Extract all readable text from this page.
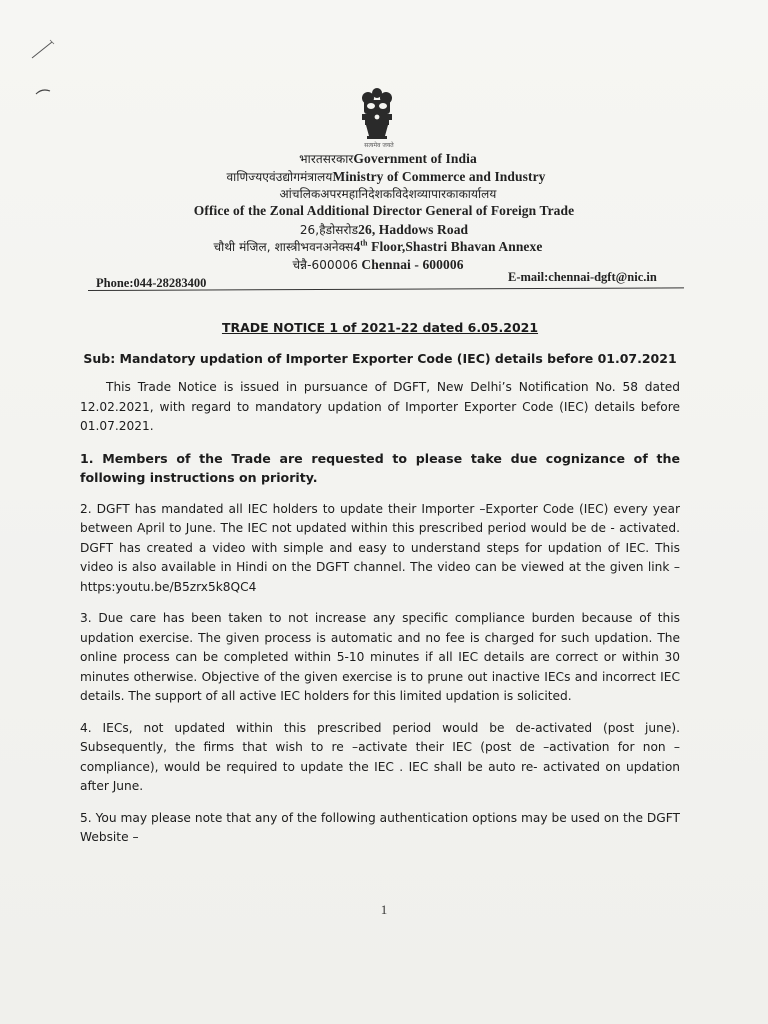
सत्यमेव जयते
भारतसरकारGovernment of India
वाणिज्यएवंउद्योगमंत्रालयMinistry of Commerce and Industry
आंचलिकअपरमहानिदेशकविदेशव्यापारकाकार्यालय
Office of the Zonal Additional Director General of Foreign Trade
26,हैडोसरोड26, Haddows Road
चौथी मंजिल, शास्त्रीभवनअनेक्स4th Floor,Shastri Bhavan Annexe
चेन्नै-600006 Chennai - 600006
Phone:044-28283400	E-mail:chennai-dgft@nic.in

TRADE NOTICE 1 of 2021-22 dated 6.05.2021

Sub: Mandatory updation of Importer Exporter Code (IEC) details before 01.07.2021

This Trade Notice is issued in pursuance of DGFT, New Delhi’s Notification No. 58 dated 12.02.2021, with regard to mandatory updation of Importer Exporter Code (IEC) details before 01.07.2021.

1. Members of the Trade are requested to please take due cognizance of the following instructions on priority.

2. DGFT has mandated all IEC holders to update their Importer –Exporter Code (IEC) every year between April to June. The IEC not updated within this prescribed period would be de - activated. DGFT has created a video with simple and easy to understand steps for updation of IEC. This video is also available in Hindi on the DGFT channel. The video can be viewed at the given link – https:youtu.be/B5zrx5k8QC4

3. Due care has been taken to not increase any specific compliance burden because of this updation exercise. The given process is automatic and no fee is charged for such updation. The online process can be completed within 5-10 minutes if all IEC details are correct or within 30 minutes otherwise. Objective of the given exercise is to prune out inactive IECs and incorrect IEC details. The support of all active IEC holders for this limited updation is solicited.

4. IECs, not updated within this prescribed period would be de-activated (post june). Subsequently, the firms that wish to re –activate their IEC (post de –activation for non – compliance), would be required to update the IEC . IEC shall be auto re- activated on updation after June.

5. You may please note that any of the following authentication options may be used on the DGFT Website –

1
